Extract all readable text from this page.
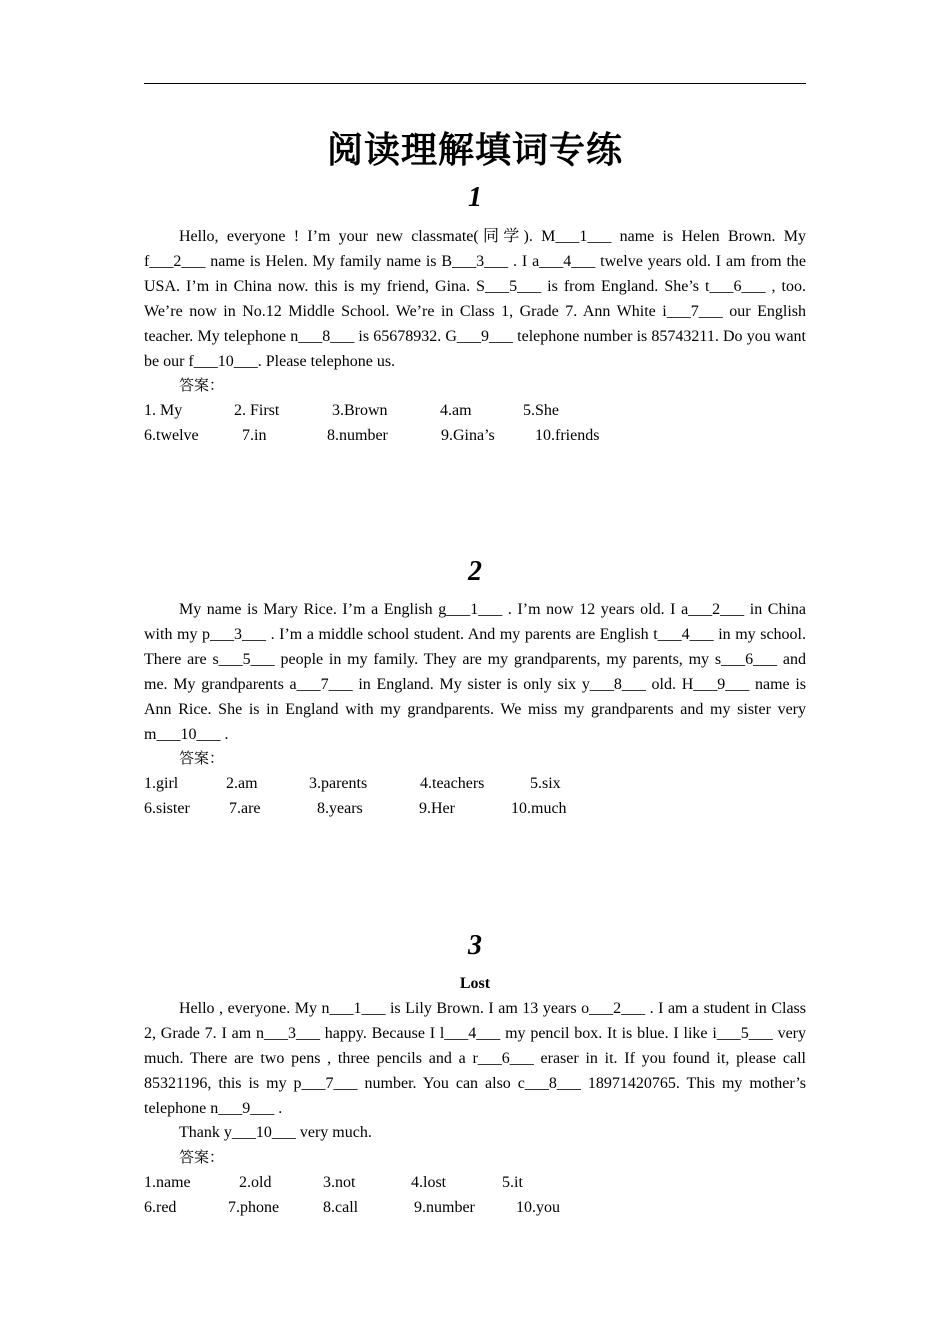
阅读理解填词专练
1

Hello, everyone ! I’m your new classmate(同学). M___1___ name is Helen Brown. My f___2___ name is Helen. My family name is B___3___ . I a___4___ twelve years old. I am from the USA. I’m in China now. this is my friend, Gina. S___5___ is from England. She’s t___6___ , too. We’re now in No.12 Middle School. We’re in Class 1, Grade 7. Ann White i___7___ our English teacher. My telephone n___8___ is 65678932. G___9___ telephone number is 85743211. Do you want be our f___10___. Please telephone us.

答案：
1. My	2. First	3.Brown	4.am	5.She
6.twelve	7.in	8.number	9.Gina’s	10.friends
2

My name is Mary Rice. I’m a English g___1___ . I’m now 12 years old. I a___2___ in China with my p___3___ . I’m a middle school student. And my parents are English t___4___ in my school. There are s___5___ people in my family. They are my grandparents, my parents, my s___6___ and me. My grandparents a___7___ in England. My sister is only six y___8___ old. H___9___ name is Ann Rice. She is in England with my grandparents. We miss my grandparents and my sister very m___10___ .

答案：
1.girl	2.am	3.parents	4.teachers	5.six
6.sister 7.are	8.years	9.Her	10.much
3
Lost

Hello , everyone. My n___1___ is Lily Brown. I am 13 years o___2___ . I am a student in Class 2, Grade 7. I am n___3___ happy. Because I l___4___ my pencil box. It is blue. I like i___5___ very much. There are two pens , three pencils and a r___6___ eraser in it. If you found it, please call 85321196, this is my p___7___ number. You can also c___8___ 18971420765. This my mother’s telephone n___9___ .

Thank y___10___ very much.

答案：
1.name	2.old	3.not	4.lost	5.it
6.red	7.phone	8.call	9.number	10.you
